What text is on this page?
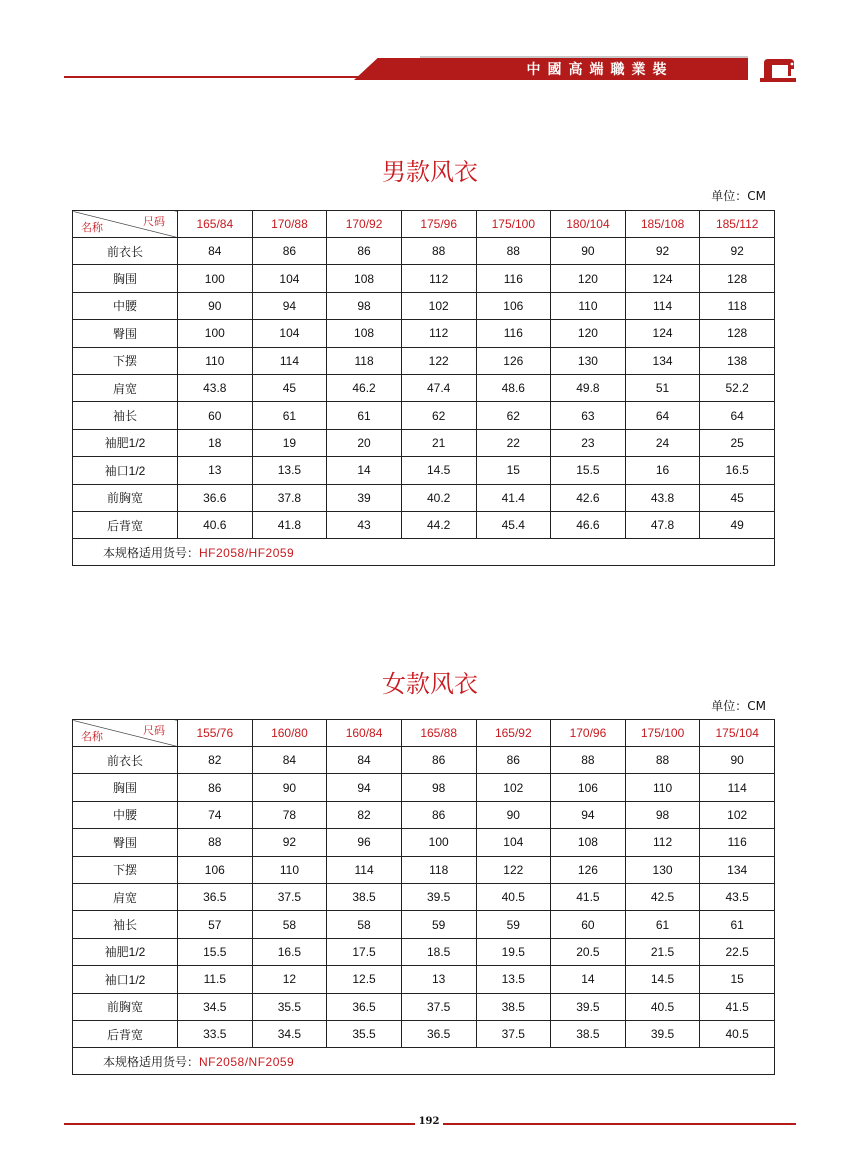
中國高端職業裝
男款风衣
单位：CM
尺码
名称	165/84	170/88	170/92	175/96	175/100	180/104	185/108	185/112
前衣长	84	86	86	88	88	90	92	92
胸围	100	104	108	112	116	120	124	128
中腰	90	94	98	102	106	110	114	118
臀围	100	104	108	112	116	120	124	128
下摆	110	114	118	122	126	130	134	138
肩宽	43.8	45	46.2	47.4	48.6	49.8	51	52.2
袖长	60	61	61	62	62	63	64	64
袖肥1/2	18	19	20	21	22	23	24	25
袖口1/2	13	13.5	14	14.5	15	15.5	16	16.5
前胸宽	36.6	37.8	39	40.2	41.4	42.6	43.8	45
后背宽	40.6	41.8	43	44.2	45.4	46.6	47.8	49
本规格适用货号：HF2058/HF2059								
女款风衣
单位：CM
尺码
名称	155/76	160/80	160/84	165/88	165/92	170/96	175/100	175/104
前衣长	82	84	84	86	86	88	88	90
胸围	86	90	94	98	102	106	110	114
中腰	74	78	82	86	90	94	98	102
臀围	88	92	96	100	104	108	112	116
下摆	106	110	114	118	122	126	130	134
肩宽	36.5	37.5	38.5	39.5	40.5	41.5	42.5	43.5
袖长	57	58	58	59	59	60	61	61
袖肥1/2	15.5	16.5	17.5	18.5	19.5	20.5	21.5	22.5
袖口1/2	11.5	12	12.5	13	13.5	14	14.5	15
前胸宽	34.5	35.5	36.5	37.5	38.5	39.5	40.5	41.5
后背宽	33.5	34.5	35.5	36.5	37.5	38.5	39.5	40.5
本规格适用货号：NF2058/NF2059								
192
